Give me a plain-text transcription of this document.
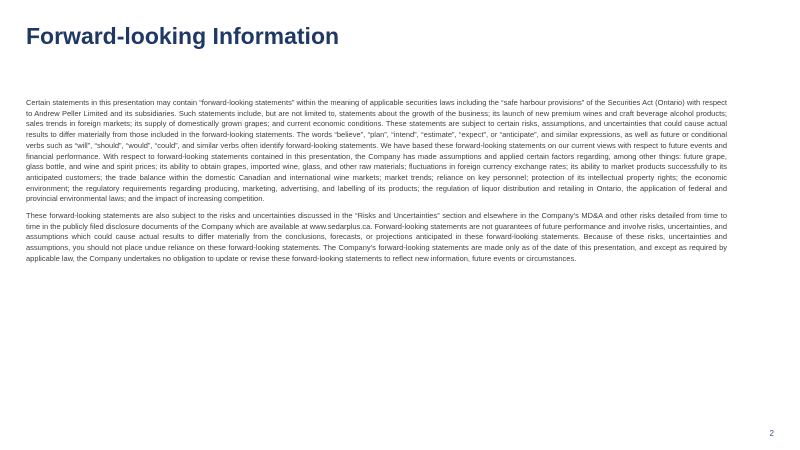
Forward-looking Information

Certain statements in this presentation may contain “forward-looking statements” within the meaning of applicable securities laws including the “safe harbour provisions” of the Securities Act (Ontario) with respect to Andrew Peller Limited and its subsidiaries. Such statements include, but are not limited to, statements about the growth of the business; its launch of new premium wines and craft beverage alcohol products; sales trends in foreign markets; its supply of domestically grown grapes; and current economic conditions. These statements are subject to certain risks, assumptions, and uncertainties that could cause actual results to differ materially from those included in the forward-looking statements. The words “believe”, “plan”, “intend”, “estimate”, “expect”, or “anticipate”, and similar expressions, as well as future or conditional verbs such as “will”, “should”, “would”, “could”, and similar verbs often identify forward-looking statements. We have based these forward-looking statements on our current views with respect to future events and financial performance. With respect to forward-looking statements contained in this presentation, the Company has made assumptions and applied certain factors regarding, among other things: future grape, glass bottle, and wine and spirit prices; its ability to obtain grapes, imported wine, glass, and other raw materials; fluctuations in foreign currency exchange rates; its ability to market products successfully to its anticipated customers; the trade balance within the domestic Canadian and international wine markets; market trends; reliance on key personnel; protection of its intellectual property rights; the economic environment; the regulatory requirements regarding producing, marketing, advertising, and labelling of its products; the regulation of liquor distribution and retailing in Ontario, the application of federal and provincial environmental laws; and the impact of increasing competition.

These forward-looking statements are also subject to the risks and uncertainties discussed in the “Risks and Uncertainties” section and elsewhere in the Company’s MD&A and other risks detailed from time to time in the publicly filed disclosure documents of the Company which are available at www.sedarplus.ca. Forward-looking statements are not guarantees of future performance and involve risks, uncertainties, and assumptions which could cause actual results to differ materially from the conclusions, forecasts, or projections anticipated in these forward-looking statements. Because of these risks, uncertainties and assumptions, you should not place undue reliance on these forward-looking statements. The Company’s forward-looking statements are made only as of the date of this presentation, and except as required by applicable law, the Company undertakes no obligation to update or revise these forward-looking statements to reflect new information, future events or circumstances.

2
